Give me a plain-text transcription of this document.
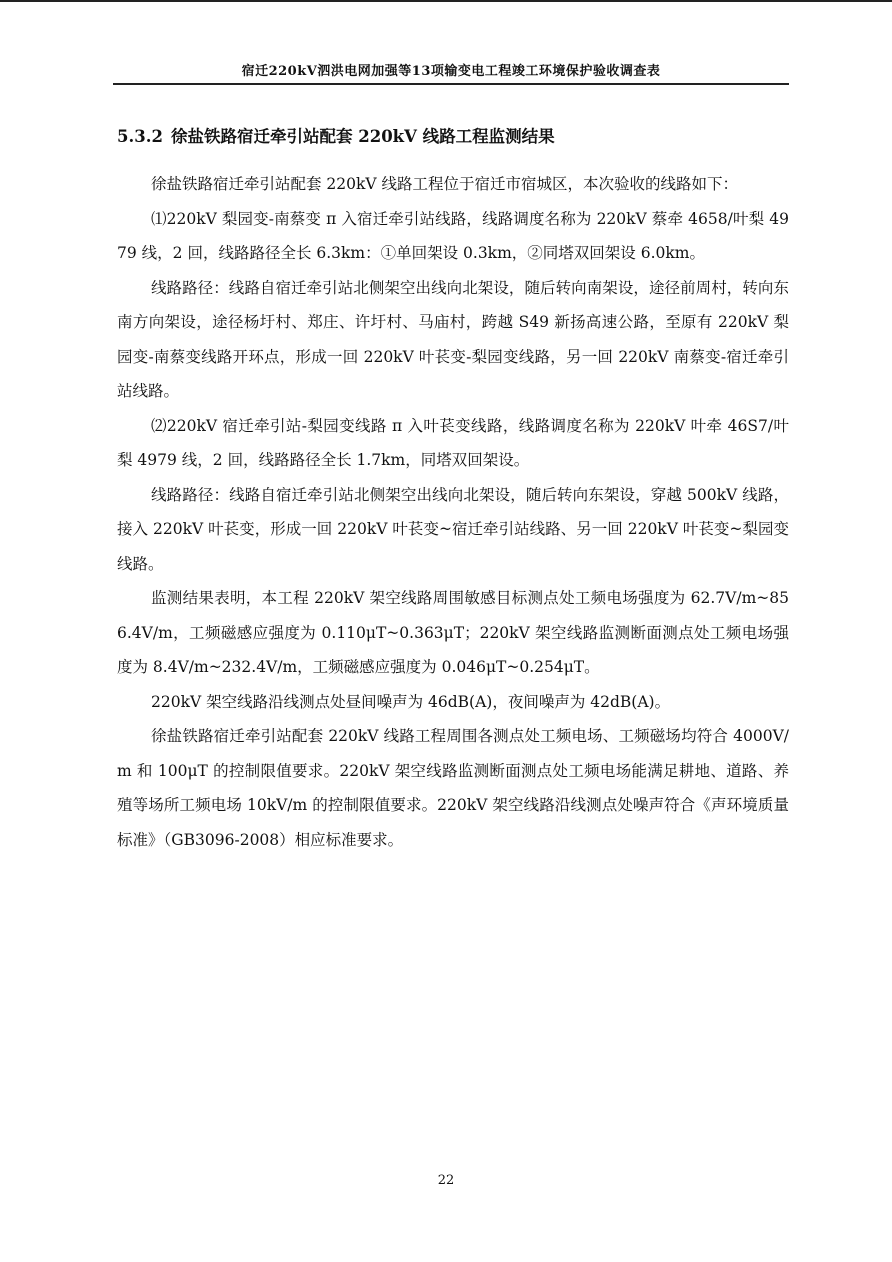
宿迁220kV泗洪电网加强等13项输变电工程竣工环境保护验收调查表
5.3.2 徐盐铁路宿迁牵引站配套 220kV 线路工程监测结果

徐盐铁路宿迁牵引站配套 220kV 线路工程位于宿迁市宿城区，本次验收的线路如下：

⑴220kV 梨园变-南蔡变 π 入宿迁牵引站线路，线路调度名称为 220kV 蔡牵 4658/叶梨 4979 线，2 回，线路路径全长 6.3km：①单回架设 0.3km，②同塔双回架设 6.0km。

线路路径：线路自宿迁牵引站北侧架空出线向北架设，随后转向南架设，途径前周村，转向东南方向架设，途径杨圩村、郑庄、许圩村、马庙村，跨越 S49 新扬高速公路，至原有 220kV 梨园变-南蔡变线路开环点，形成一回 220kV 叶苌变-梨园变线路，另一回 220kV 南蔡变-宿迁牵引站线路。

⑵220kV 宿迁牵引站-梨园变线路 π 入叶苌变线路，线路调度名称为 220kV 叶牵 46S7/叶梨 4979 线，2 回，线路路径全长 1.7km，同塔双回架设。

线路路径：线路自宿迁牵引站北侧架空出线向北架设，随后转向东架设，穿越 500kV 线路，接入 220kV 叶苌变，形成一回 220kV 叶苌变~宿迁牵引站线路、另一回 220kV 叶苌变~梨园变线路。

监测结果表明，本工程 220kV 架空线路周围敏感目标测点处工频电场强度为 62.7V/m~856.4V/m，工频磁感应强度为 0.110μT~0.363μT；220kV 架空线路监测断面测点处工频电场强度为 8.4V/m~232.4V/m，工频磁感应强度为 0.046μT~0.254μT。

220kV 架空线路沿线测点处昼间噪声为 46dB(A)，夜间噪声为 42dB(A)。

徐盐铁路宿迁牵引站配套 220kV 线路工程周围各测点处工频电场、工频磁场均符合 4000V/m 和 100μT 的控制限值要求。220kV 架空线路监测断面测点处工频电场能满足耕地、道路、养殖等场所工频电场 10kV/m 的控制限值要求。220kV 架空线路沿线测点处噪声符合《声环境质量标准》（GB3096-2008）相应标准要求。

22
